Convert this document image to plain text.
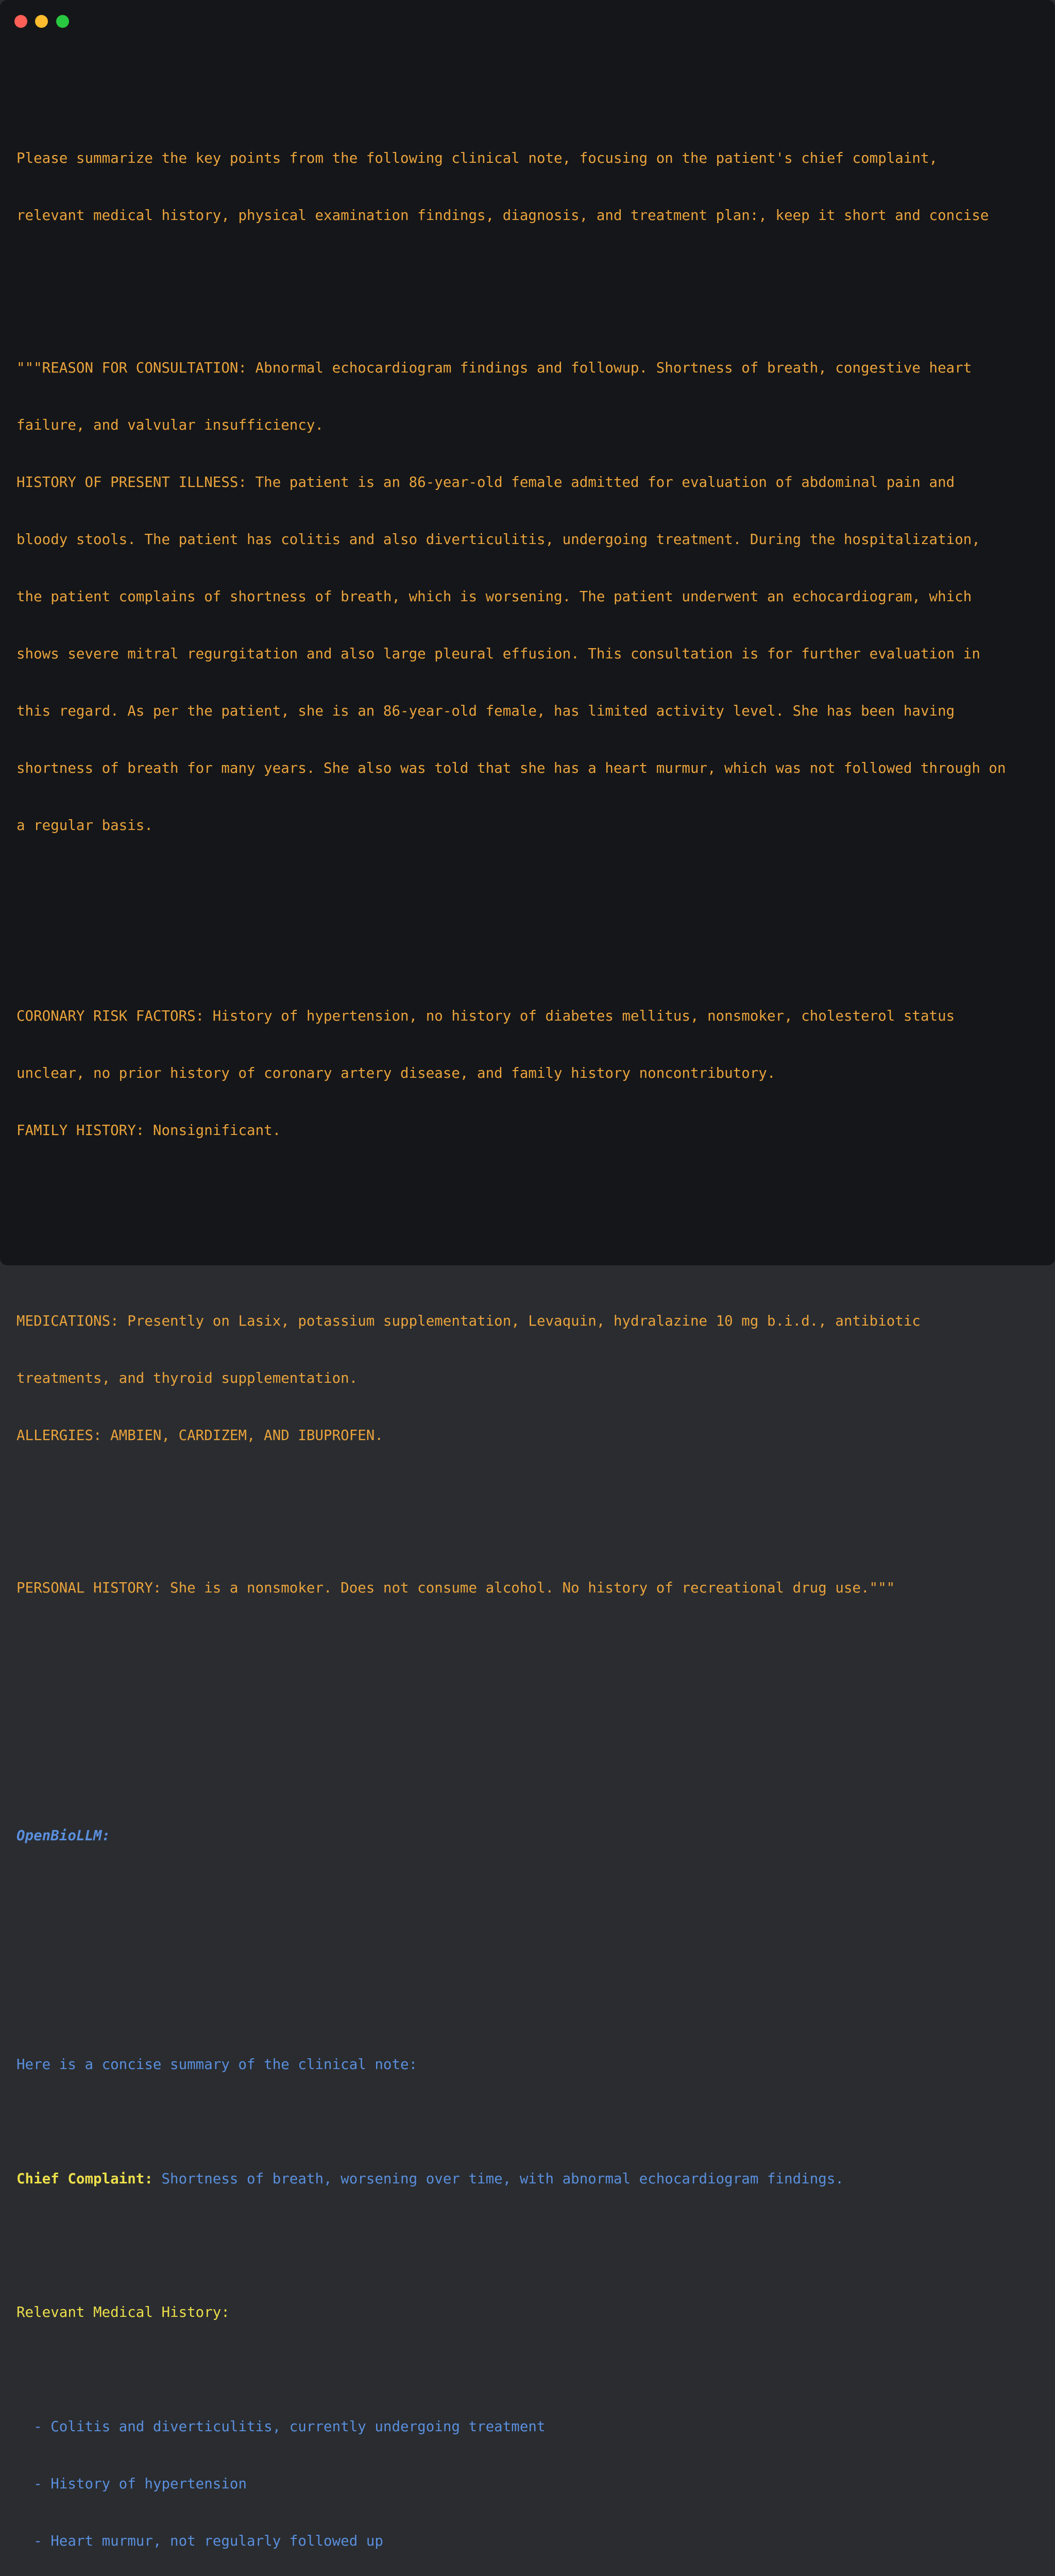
Please summarize the key points from the following clinical note, focusing on the patient's chief complaint,

relevant medical history, physical examination findings, diagnosis, and treatment plan:, keep it short and concise

"""REASON FOR CONSULTATION: Abnormal echocardiogram findings and followup. Shortness of breath, congestive heart

failure, and valvular insufficiency.

HISTORY OF PRESENT ILLNESS: The patient is an 86-year-old female admitted for evaluation of abdominal pain and

bloody stools. The patient has colitis and also diverticulitis, undergoing treatment. During the hospitalization,

the patient complains of shortness of breath, which is worsening. The patient underwent an echocardiogram, which

shows severe mitral regurgitation and also large pleural effusion. This consultation is for further evaluation in

this regard. As per the patient, she is an 86-year-old female, has limited activity level. She has been having

shortness of breath for many years. She also was told that she has a heart murmur, which was not followed through on

a regular basis.

CORONARY RISK FACTORS: History of hypertension, no history of diabetes mellitus, nonsmoker, cholesterol status

unclear, no prior history of coronary artery disease, and family history noncontributory.

FAMILY HISTORY: Nonsignificant.

MEDICATIONS: Presently on Lasix, potassium supplementation, Levaquin, hydralazine 10 mg b.i.d., antibiotic

treatments, and thyroid supplementation.

ALLERGIES: AMBIEN, CARDIZEM, AND IBUPROFEN.

PERSONAL HISTORY: She is a nonsmoker. Does not consume alcohol. No history of recreational drug use."""

OpenBioLLM:

Here is a concise summary of the clinical note:

Chief Complaint: Shortness of breath, worsening over time, with abnormal echocardiogram findings.

Relevant Medical History:

- Colitis and diverticulitis, currently undergoing treatment

- History of hypertension

- Heart murmur, not regularly followed up
